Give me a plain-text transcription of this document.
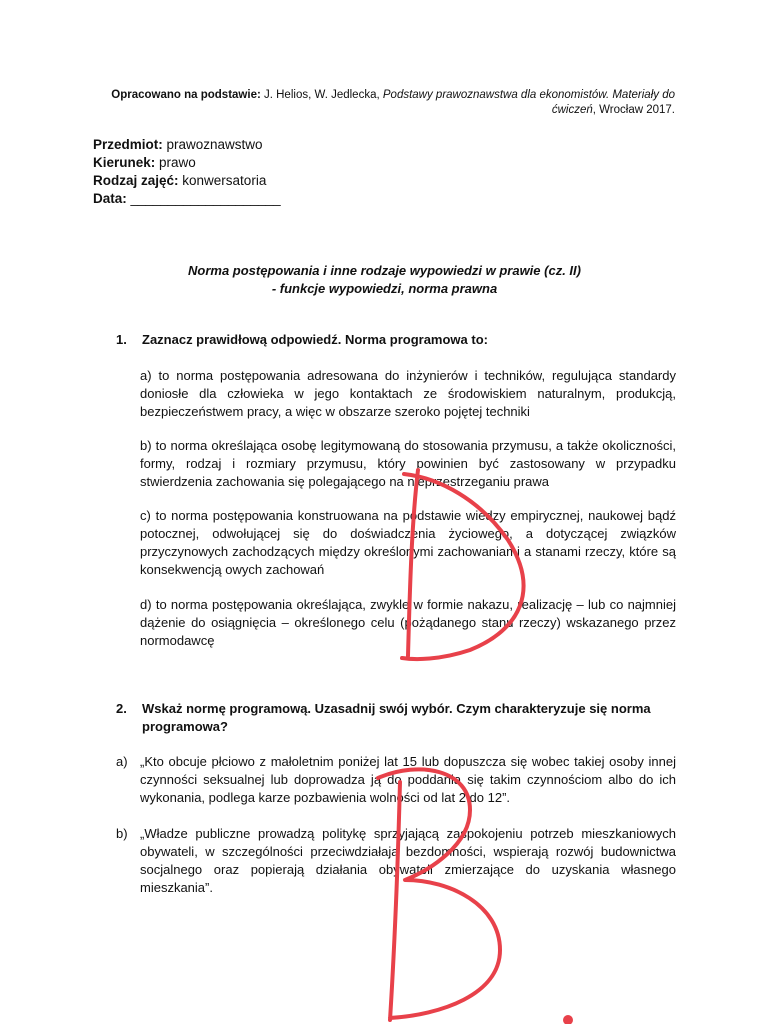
Opracowano na podstawie: J. Helios, W. Jedlecka, Podstawy prawoznawstwa dla ekonomistów. Materiały do ćwiczeń, Wrocław 2017.
Przedmiot: prawoznawstwo
Kierunek: prawo
Rodzaj zajęć: konwersatoria
Data: ____________________
Norma postępowania i inne rodzaje wypowiedzi w prawie (cz. II)
- funkcje wypowiedzi, norma prawna
1. Zaznacz prawidłową odpowiedź. Norma programowa to:
a) to norma postępowania adresowana do inżynierów i techników, regulująca standardy doniosłe dla człowieka w jego kontaktach ze środowiskiem naturalnym, produkcją, bezpieczeństwem pracy, a więc w obszarze szeroko pojętej techniki
b) to norma określająca osobę legitymowaną do stosowania przymusu, a także okoliczności, formy, rodzaj i rozmiary przymusu, który powinien być zastosowany w przypadku stwierdzenia zachowania się polegającego na nieprzestrzeganiu prawa
c) to norma postępowania konstruowana na podstawie wiedzy empirycznej, naukowej bądź potocznej, odwołującej się do doświadczenia życiowego, a dotyczącej związków przyczynowych zachodzących między określonymi zachowaniami a stanami rzeczy, które są konsekwencją owych zachowań
d) to norma postępowania określająca, zwykle w formie nakazu, realizację – lub co najmniej dążenie do osiągnięcia – określonego celu (pożądanego stanu rzeczy) wskazanego przez normodawcę
2. Wskaż normę programową. Uzasadnij swój wybór. Czym charakteryzuje się norma programowa?
a) „Kto obcuje płciowo z małoletnim poniżej lat 15 lub dopuszcza się wobec takiej osoby innej czynności seksualnej lub doprowadza ją do poddania się takim czynnościom albo do ich wykonania, podlega karze pozbawienia wolności od lat 2 do 12”.
b) „Władze publiczne prowadzą politykę sprzyjającą zaspokojeniu potrzeb mieszkaniowych obywateli, w szczególności przeciwdziałają bezdomności, wspierają rozwój budownictwa socjalnego oraz popierają działania obywateli zmierzające do uzyskania własnego mieszkania”.
